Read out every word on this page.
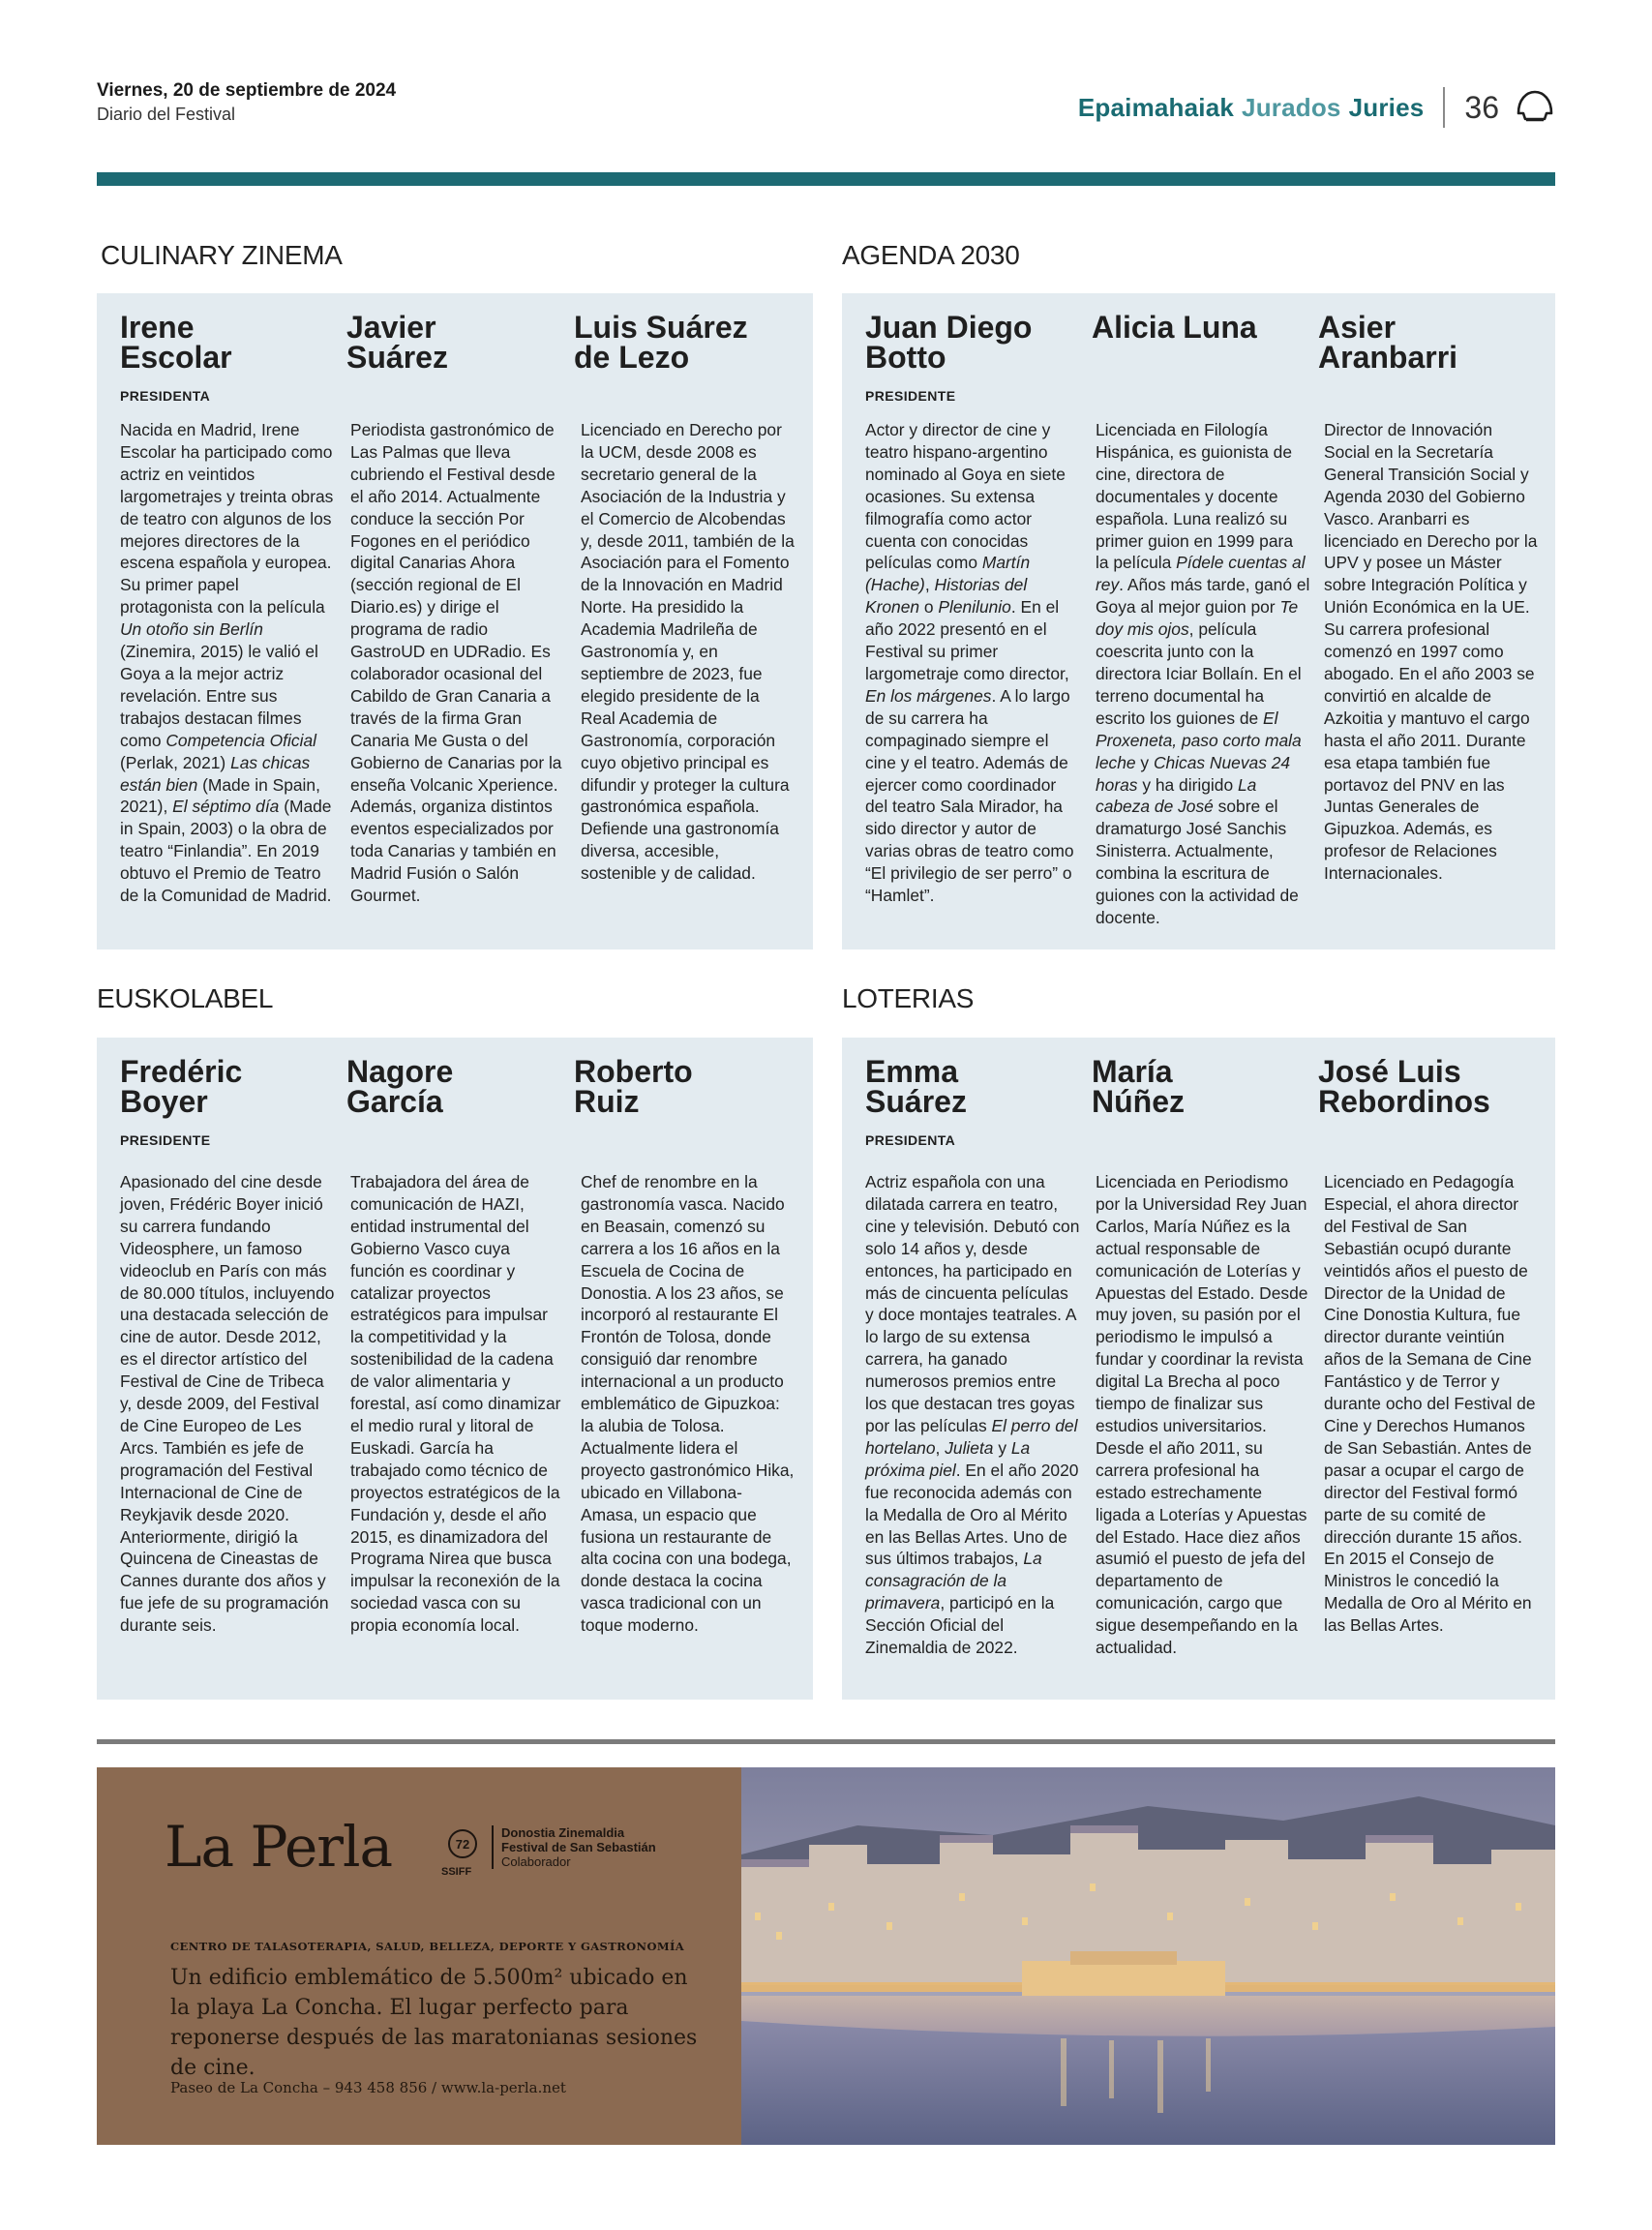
Viernes, 20 de septiembre de 2024
Diario del Festival	Epaimahaiak Jurados Juries 36
CULINARY ZINEMA
Irene
Escolar
PRESIDENTA
Nacida en Madrid, Irene Escolar ha participado como actriz en veintidos largometrajes y treinta obras de teatro con algunos de los mejores directores de la escena española y europea. Su primer papel protagonista con la película Un otoño sin Berlín (Zinemira, 2015) le valió el Goya a la mejor actriz revelación. Entre sus trabajos destacan filmes como Competencia Oficial (Perlak, 2021) Las chicas están bien (Made in Spain, 2021), El séptimo día (Made in Spain, 2003) o la obra de teatro “Finlandia”. En 2019 obtuvo el Premio de Teatro de la Comunidad de Madrid.
Javier
Suárez
Periodista gastronómico de Las Palmas que lleva cubriendo el Festival desde el año 2014. Actualmente conduce la sección Por Fogones en el periódico digital Canarias Ahora (sección regional de El Diario.es) y dirige el programa de radio GastroUD en UDRadio. Es colaborador ocasional del Cabildo de Gran Canaria a través de la firma Gran Canaria Me Gusta o del Gobierno de Canarias por la enseña Volcanic Xperience. Además, organiza distintos eventos especializados por toda Canarias y también en Madrid Fusión o Salón Gourmet.
Luis Suárez
de Lezo
Licenciado en Derecho por la UCM, desde 2008 es secretario general de la Asociación de la Industria y el Comercio de Alcobendas y, desde 2011, también de la Asociación para el Fomento de la Innovación en Madrid Norte. Ha presidido la Academia Madrileña de Gastronomía y, en septiembre de 2023, fue elegido presidente de la Real Academia de Gastronomía, corporación cuyo objetivo principal es difundir y proteger la cultura gastronómica española. Defiende una gastronomía diversa, accesible, sostenible y de calidad.
AGENDA 2030
Juan Diego
Botto
PRESIDENTE
Actor y director de cine y teatro hispano-argentino nominado al Goya en siete ocasiones. Su extensa filmografía como actor cuenta con conocidas películas como Martín (Hache), Historias del Kronen o Plenilunio. En el año 2022 presentó en el Festival su primer largometraje como director, En los márgenes. A lo largo de su carrera ha compaginado siempre el cine y el teatro. Además de ejercer como coordinador del teatro Sala Mirador, ha sido director y autor de varias obras de teatro como “El privilegio de ser perro” o “Hamlet”.
Alicia Luna
Licenciada en Filología Hispánica, es guionista de cine, directora de documentales y docente española. Luna realizó su primer guion en 1999 para la película Pídele cuentas al rey. Años más tarde, ganó el Goya al mejor guion por Te doy mis ojos, película coescrita junto con la directora Iciar Bollaín. En el terreno documental ha escrito los guiones de El Proxeneta, paso corto mala leche y Chicas Nuevas 24 horas y ha dirigido La cabeza de José sobre el dramaturgo José Sanchis Sinisterra. Actualmente, combina la escritura de guiones con la actividad de docente.
Asier
Aranbarri
Director de Innovación Social en la Secretaría General Transición Social y Agenda 2030 del Gobierno Vasco. Aranbarri es licenciado en Derecho por la UPV y posee un Máster sobre Integración Política y Unión Económica en la UE. Su carrera profesional comenzó en 1997 como abogado. En el año 2003 se convirtió en alcalde de Azkoitia y mantuvo el cargo hasta el año 2011. Durante esa etapa también fue portavoz del PNV en las Juntas Generales de Gipuzkoa. Además, es profesor de Relaciones Internacionales.
EUSKOLABEL
Fredéric
Boyer
PRESIDENTE
Apasionado del cine desde joven, Frédéric Boyer inició su carrera fundando Videosphere, un famoso videoclub en París con más de 80.000 títulos, incluyendo una destacada selección de cine de autor. Desde 2012, es el director artístico del Festival de Cine de Tribeca y, desde 2009, del Festival de Cine Europeo de Les Arcs. También es jefe de programación del Festival Internacional de Cine de Reykjavik desde 2020. Anteriormente, dirigió la Quincena de Cineastas de Cannes durante dos años y fue jefe de su programación durante seis.
Nagore
García
Trabajadora del área de comunicación de HAZI, entidad instrumental del Gobierno Vasco cuya función es coordinar y catalizar proyectos estratégicos para impulsar la competitividad y la sostenibilidad de la cadena de valor alimentaria y forestal, así como dinamizar el medio rural y litoral de Euskadi. García ha trabajado como técnico de proyectos estratégicos de la Fundación y, desde el año 2015, es dinamizadora del Programa Nirea que busca impulsar la reconexión de la sociedad vasca con su propia economía local.
Roberto
Ruiz
Chef de renombre en la gastronomía vasca. Nacido en Beasain, comenzó su carrera a los 16 años en la Escuela de Cocina de Donostia. A los 23 años, se incorporó al restaurante El Frontón de Tolosa, donde consiguió dar renombre internacional a un producto emblemático de Gipuzkoa: la alubia de Tolosa. Actualmente lidera el proyecto gastronómico Hika, ubicado en Villabona-Amasa, un espacio que fusiona un restaurante de alta cocina con una bodega, donde destaca la cocina vasca tradicional con un toque moderno.
LOTERIAS
Emma
Suárez
PRESIDENTA
Actriz española con una dilatada carrera en teatro, cine y televisión. Debutó con solo 14 años y, desde entonces, ha participado en más de cincuenta películas y doce montajes teatrales. A lo largo de su extensa carrera, ha ganado numerosos premios entre los que destacan tres goyas por las películas El perro del hortelano, Julieta y La próxima piel. En el año 2020 fue reconocida además con la Medalla de Oro al Mérito en las Bellas Artes. Uno de sus últimos trabajos, La consagración de la primavera, participó en la Sección Oficial del Zinemaldia de 2022.
María
Núñez
Licenciada en Periodismo por la Universidad Rey Juan Carlos, María Núñez es la actual responsable de comunicación de Loterías y Apuestas del Estado. Desde muy joven, su pasión por el periodismo le impulsó a fundar y coordinar la revista digital La Brecha al poco tiempo de finalizar sus estudios universitarios. Desde el año 2011, su carrera profesional ha estado estrechamente ligada a Loterías y Apuestas del Estado. Hace diez años asumió el puesto de jefa del departamento de comunicación, cargo que sigue desempeñando en la actualidad.
José Luis
Rebordinos
Licenciado en Pedagogía Especial, el ahora director del Festival de San Sebastián ocupó durante veintidós años el puesto de Director de la Unidad de Cine Donostia Kultura, fue director durante veintiún años de la Semana de Cine Fantástico y de Terror y durante ocho del Festival de Cine y Derechos Humanos de San Sebastián. Antes de pasar a ocupar el cargo de director del Festival formó parte de su comité de dirección durante 15 años. En 2015 el Consejo de Ministros le concedió la Medalla de Oro al Mérito en las Bellas Artes.
La Perla	72
SSIFF
Donostia Zinemaldia
Festival de San Sebastián
Colaborador
CENTRO DE TALASOTERAPIA, SALUD, BELLEZA, DEPORTE Y GASTRONOMÍA
Un edificio emblemático de 5.500m² ubicado en la playa La Concha. El lugar perfecto para reponerse después de las maratonianas sesiones de cine.
Paseo de La Concha – 943 458 856 / www.la-perla.net
